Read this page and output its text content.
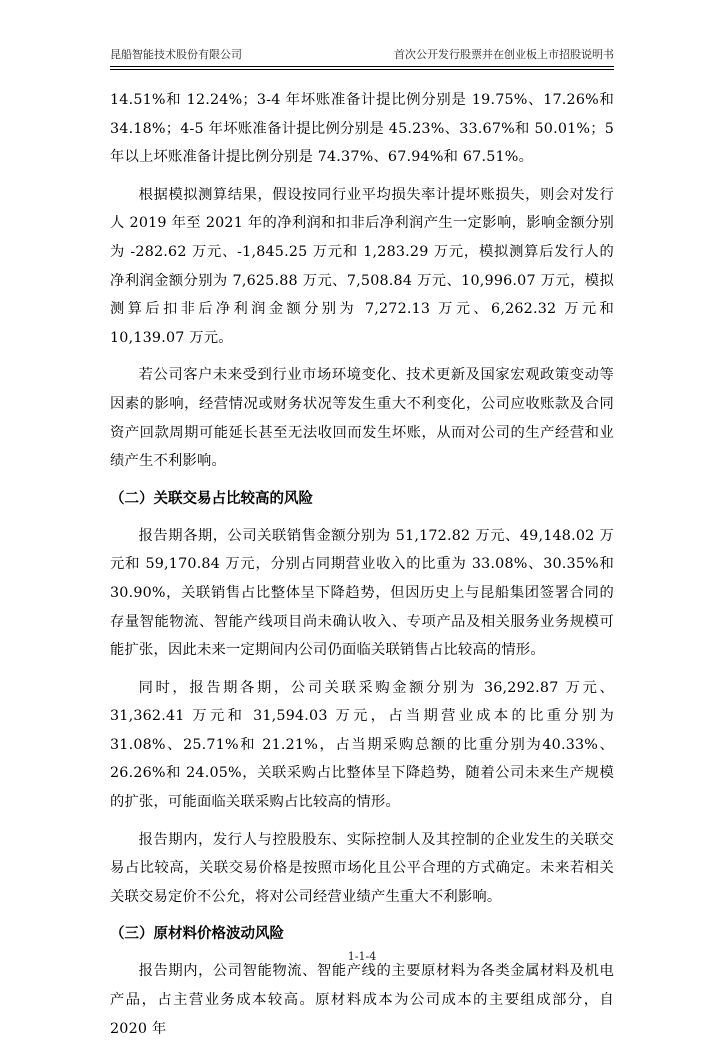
昆船智能技术股份有限公司	首次公开发行股票并在创业板上市招股说明书

14.51%和 12.24%；3-4 年坏账准备计提比例分别是 19.75%、17.26%和 34.18%；4-5 年坏账准备计提比例分别是 45.23%、33.67%和 50.01%；5 年以上坏账准备计提比例分别是 74.37%、67.94%和 67.51%。

根据模拟测算结果，假设按同行业平均损失率计提坏账损失，则会对发行人 2019 年至 2021 年的净利润和扣非后净利润产生一定影响，影响金额分别为 -282.62 万元、-1,845.25 万元和 1,283.29 万元，模拟测算后发行人的净利润金额分别为 7,625.88 万元、7,508.84 万元、10,996.07 万元，模拟测算后扣非后净利润金额分别为 7,272.13 万元、6,262.32 万元和 10,139.07 万元。

若公司客户未来受到行业市场环境变化、技术更新及国家宏观政策变动等因素的影响，经营情况或财务状况等发生重大不利变化，公司应收账款及合同资产回款周期可能延长甚至无法收回而发生坏账，从而对公司的生产经营和业绩产生不利影响。

（二）关联交易占比较高的风险

报告期各期，公司关联销售金额分别为 51,172.82 万元、49,148.02 万元和 59,170.84 万元，分别占同期营业收入的比重为 33.08%、30.35%和 30.90%，关联销售占比整体呈下降趋势，但因历史上与昆船集团签署合同的存量智能物流、智能产线项目尚未确认收入、专项产品及相关服务业务规模可能扩张，因此未来一定期间内公司仍面临关联销售占比较高的情形。

同时，报告期各期，公司关联采购金额分别为 36,292.87 万元、31,362.41 万元和 31,594.03 万元，占当期营业成本的比重分别为 31.08%、25.71%和 21.21%，占当期采购总额的比重分别为40.33%、26.26%和 24.05%，关联采购占比整体呈下降趋势，随着公司未来生产规模的扩张，可能面临关联采购占比较高的情形。

报告期内，发行人与控股股东、实际控制人及其控制的企业发生的关联交易占比较高，关联交易价格是按照市场化且公平合理的方式确定。未来若相关关联交易定价不公允，将对公司经营业绩产生重大不利影响。

（三）原材料价格波动风险

报告期内，公司智能物流、智能产线的主要原材料为各类金属材料及机电产品，占主营业务成本较高。原材料成本为公司成本的主要组成部分，自 2020 年

1-1-4
